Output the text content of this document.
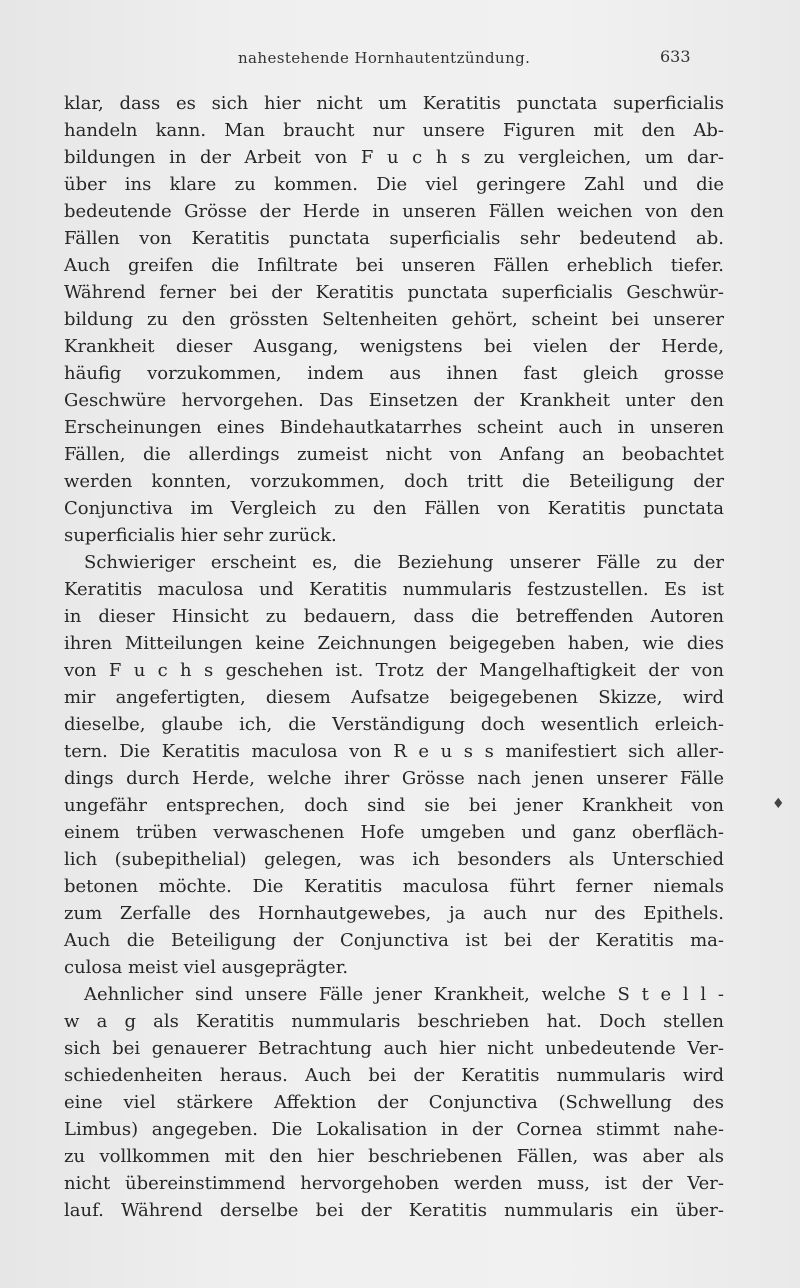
nahestehende Hornhautentzündung.	633
klar, dass es sich hier nicht um Keratitis punctata superficialis
handeln kann. Man braucht nur unsere Figuren mit den Ab-
bildungen in der Arbeit von F u c h s zu vergleichen, um dar-
über ins klare zu kommen. Die viel geringere Zahl und die
bedeutende Grösse der Herde in unseren Fällen weichen von den
Fällen von Keratitis punctata superficialis sehr bedeutend ab.
Auch greifen die Infiltrate bei unseren Fällen erheblich tiefer.
Während ferner bei der Keratitis punctata superficialis Geschwür-
bildung zu den grössten Seltenheiten gehört, scheint bei unserer
Krankheit dieser Ausgang, wenigstens bei vielen der Herde,
häufig vorzukommen, indem aus ihnen fast gleich grosse
Geschwüre hervorgehen. Das Einsetzen der Krankheit unter den
Erscheinungen eines Bindehautkatarrhes scheint auch in unseren
Fällen, die allerdings zumeist nicht von Anfang an beobachtet
werden konnten, vorzukommen, doch tritt die Beteiligung der
Conjunctiva im Vergleich zu den Fällen von Keratitis punctata
superficialis hier sehr zurück.
Schwieriger erscheint es, die Beziehung unserer Fälle zu der
Keratitis maculosa und Keratitis nummularis festzustellen. Es ist
in dieser Hinsicht zu bedauern, dass die betreffenden Autoren
ihren Mitteilungen keine Zeichnungen beigegeben haben, wie dies
von F u c h s geschehen ist. Trotz der Mangelhaftigkeit der von
mir angefertigten, diesem Aufsatze beigegebenen Skizze, wird
dieselbe, glaube ich, die Verständigung doch wesentlich erleich-
tern. Die Keratitis maculosa von R e u s s manifestiert sich aller-
dings durch Herde, welche ihrer Grösse nach jenen unserer Fälle
ungefähr entsprechen, doch sind sie bei jener Krankheit von
einem trüben verwaschenen Hofe umgeben und ganz oberfläch-
lich (subepithelial) gelegen, was ich besonders als Unterschied
betonen möchte. Die Keratitis maculosa führt ferner niemals
zum Zerfalle des Hornhautgewebes, ja auch nur des Epithels.
Auch die Beteiligung der Conjunctiva ist bei der Keratitis ma-
culosa meist viel ausgeprägter.
Aehnlicher sind unsere Fälle jener Krankheit, welche S t e l l -
w a g als Keratitis nummularis beschrieben hat. Doch stellen
sich bei genauerer Betrachtung auch hier nicht unbedeutende Ver-
schiedenheiten heraus. Auch bei der Keratitis nummularis wird
eine viel stärkere Affektion der Conjunctiva (Schwellung des
Limbus) angegeben. Die Lokalisation in der Cornea stimmt nahe-
zu vollkommen mit den hier beschriebenen Fällen, was aber als
nicht übereinstimmend hervorgehoben werden muss, ist der Ver-
lauf. Während derselbe bei der Keratitis nummularis ein über-
♦
